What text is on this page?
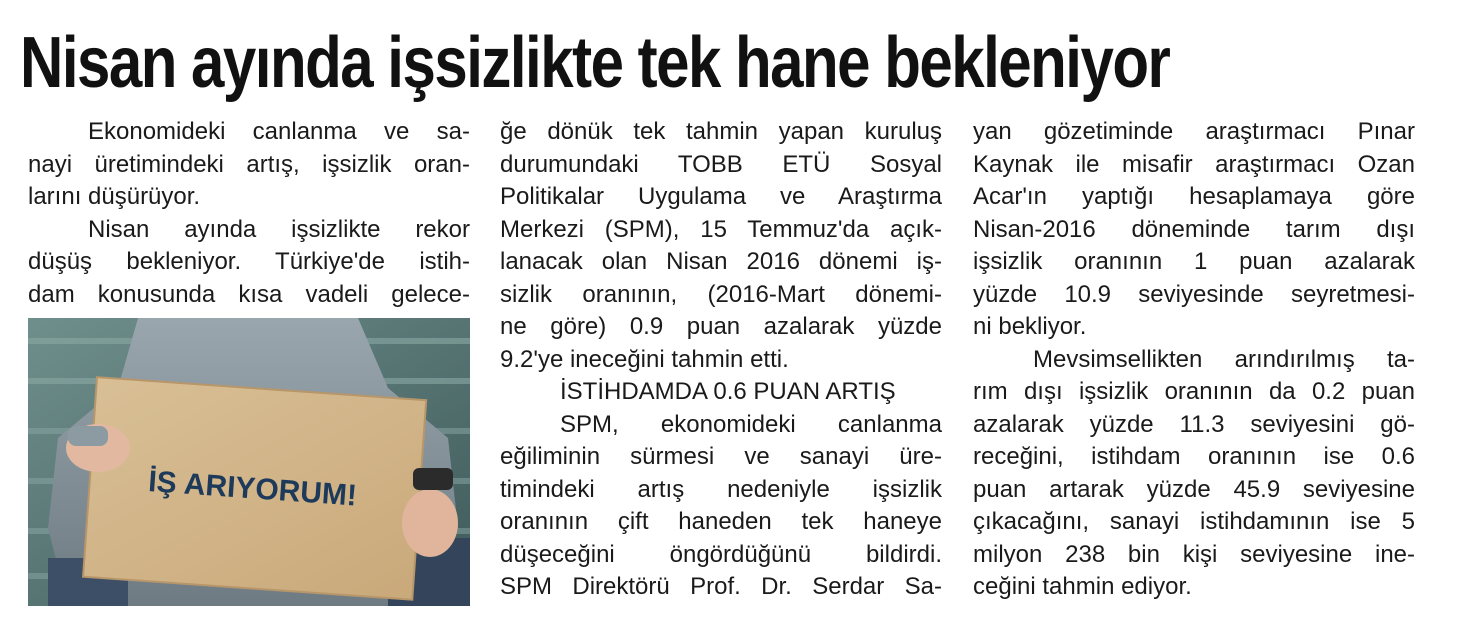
Nisan ayında işsizlikte tek hane bekleniyor
Ekonomideki canlanma ve sa-
nayi üretimindeki artış, işsizlik oran-
larını düşürüyor.
Nisan ayında işsizlikte rekor
düşüş bekleniyor. Türkiye'de istih-
dam konusunda kısa vadeli gelece-
İŞ ARIYORUM!
ğe dönük tek tahmin yapan kuruluş
durumundaki TOBB ETÜ Sosyal
Politikalar Uygulama ve Araştırma
Merkezi (SPM), 15 Temmuz'da açık-
lanacak olan Nisan 2016 dönemi iş-
sizlik oranının, (2016-Mart dönemi-
ne göre) 0.9 puan azalarak yüzde
9.2'ye ineceğini tahmin etti.
İSTİHDAMDA 0.6 PUAN ARTIŞ
SPM, ekonomideki canlanma
eğiliminin sürmesi ve sanayi üre-
timindeki artış nedeniyle işsizlik
oranının çift haneden tek haneye
düşeceğini öngördüğünü bildirdi.
SPM Direktörü Prof. Dr. Serdar Sa-
yan gözetiminde araştırmacı Pınar
Kaynak ile misafir araştırmacı Ozan
Acar'ın yaptığı hesaplamaya göre
Nisan-2016 döneminde tarım dışı
işsizlik oranının 1 puan azalarak
yüzde 10.9 seviyesinde seyretmesi-
ni bekliyor.
Mevsimsellikten arındırılmış ta-
rım dışı işsizlik oranının da 0.2 puan
azalarak yüzde 11.3 seviyesini gö-
receğini, istihdam oranının ise 0.6
puan artarak yüzde 45.9 seviyesine
çıkacağını, sanayi istihdamının ise 5
milyon 238 bin kişi seviyesine ine-
ceğini tahmin ediyor.
